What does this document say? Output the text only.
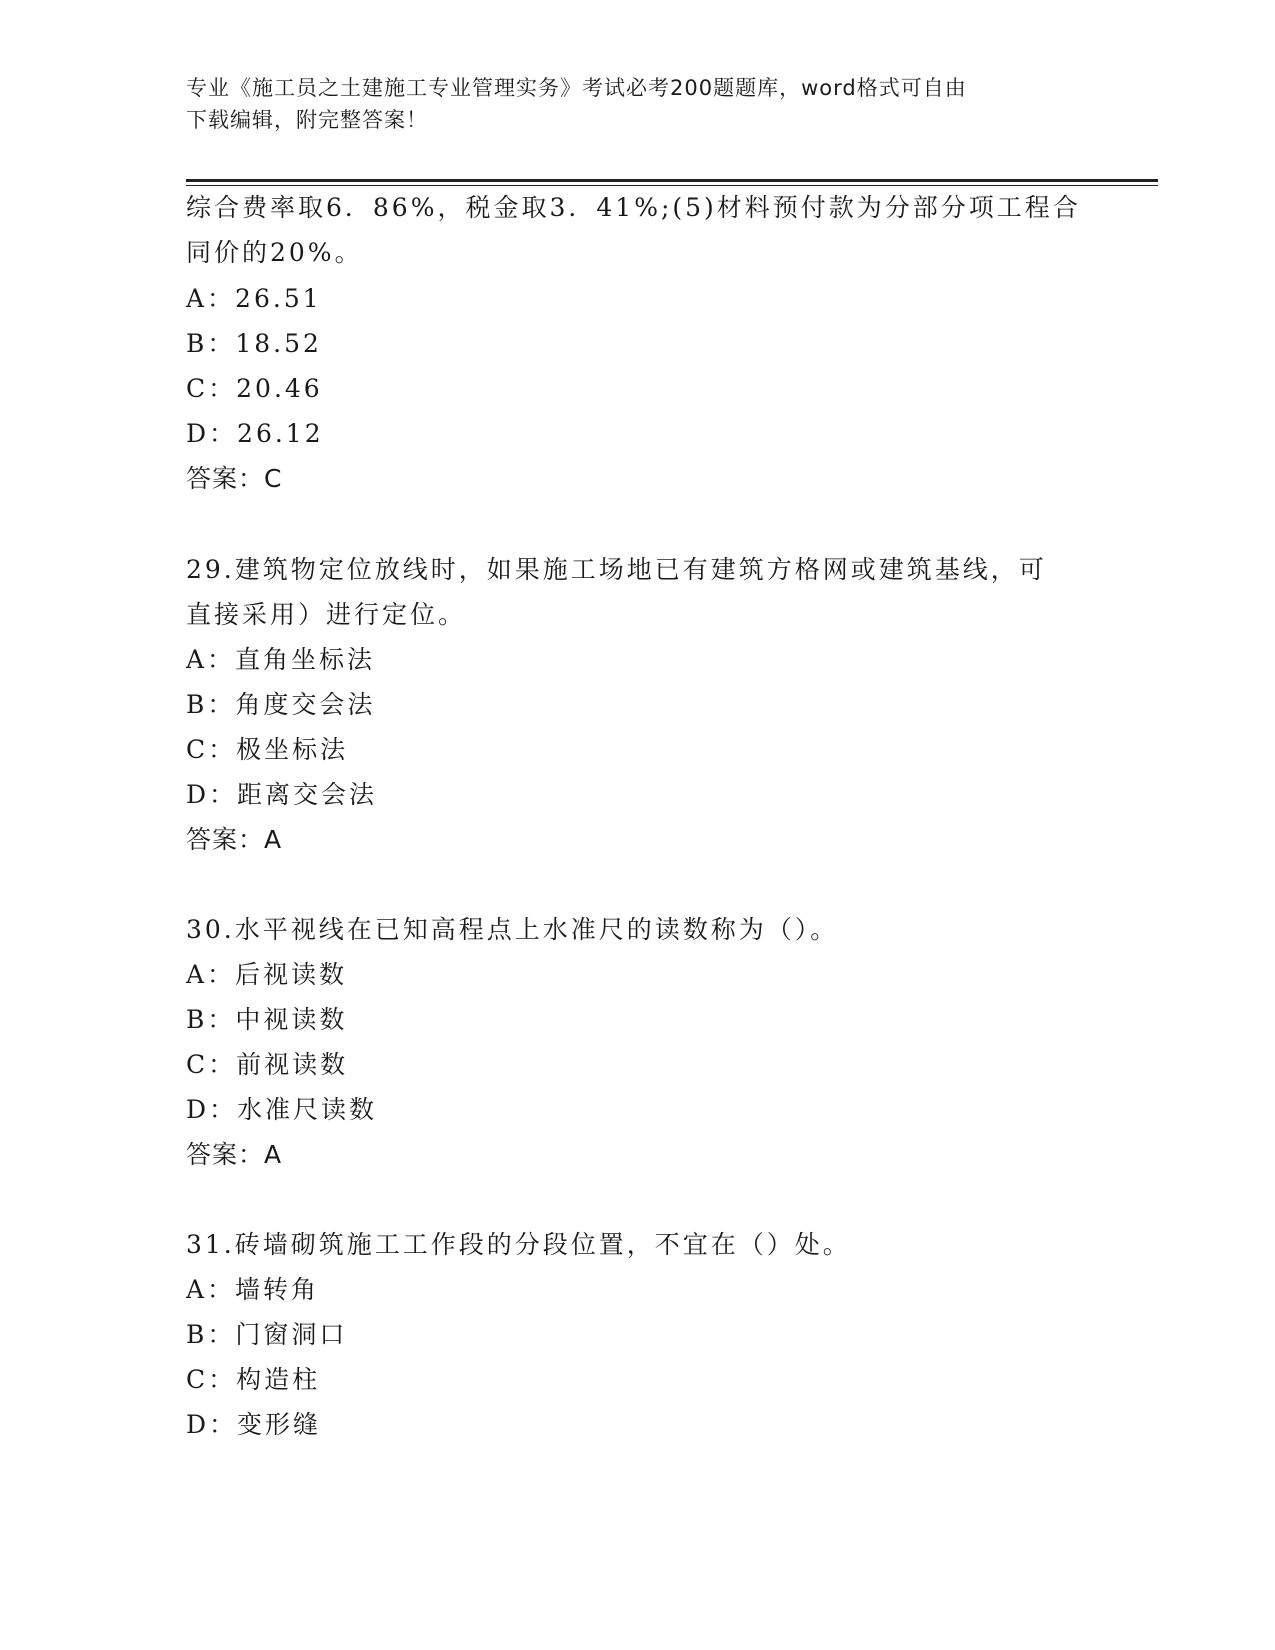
专业《施工员之土建施工专业管理实务》考试必考200题题库，word格式可自由
下载编辑，附完整答案！
综合费率取6．86%，税金取3．41%;(5)材料预付款为分部分项工程合
同价的20%。
A：26.51
B：18.52
C：20.46
D：26.12
答案：C
29.建筑物定位放线时，如果施工场地已有建筑方格网或建筑基线，可
直接采用）进行定位。
A：直角坐标法
B：角度交会法
C：极坐标法
D：距离交会法
答案：A
30.水平视线在已知高程点上水准尺的读数称为（）。
A：后视读数
B：中视读数
C：前视读数
D：水准尺读数
答案：A
31.砖墙砌筑施工工作段的分段位置，不宜在（）处。
A：墙转角
B：门窗洞口
C：构造柱
D：变形缝
